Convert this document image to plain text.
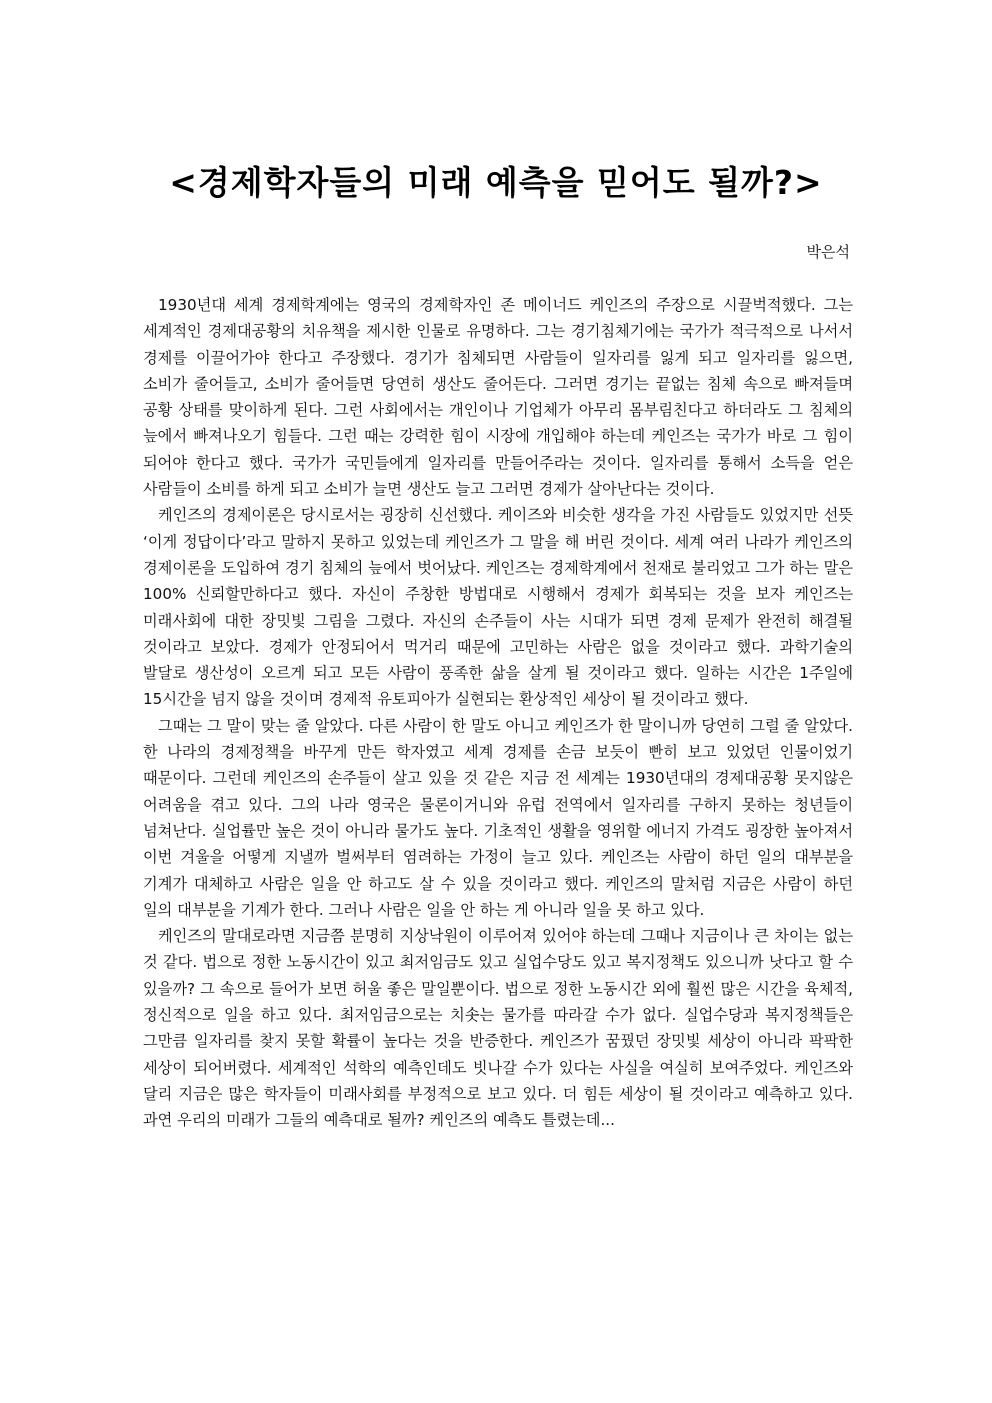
<경제학자들의 미래 예측을 믿어도 될까?>
박은석

1930년대 세계 경제학계에는 영국의 경제학자인 존 메이너드 케인즈의 주장으로 시끌벅적했다. 그는 세계적인 경제대공황의 치유책을 제시한 인물로 유명하다. 그는 경기침체기에는 국가가 적극적으로 나서서 경제를 이끌어가야 한다고 주장했다. 경기가 침체되면 사람들이 일자리를 잃게 되고 일자리를 잃으면, 소비가 줄어들고, 소비가 줄어들면 당연히 생산도 줄어든다. 그러면 경기는 끝없는 침체 속으로 빠져들며 공황 상태를 맞이하게 된다. 그런 사회에서는 개인이나 기업체가 아무리 몸부림친다고 하더라도 그 침체의 늪에서 빠져나오기 힘들다. 그런 때는 강력한 힘이 시장에 개입해야 하는데 케인즈는 국가가 바로 그 힘이 되어야 한다고 했다. 국가가 국민들에게 일자리를 만들어주라는 것이다. 일자리를 통해서 소득을 얻은 사람들이 소비를 하게 되고 소비가 늘면 생산도 늘고 그러면 경제가 살아난다는 것이다.

케인즈의 경제이론은 당시로서는 굉장히 신선했다. 케이즈와 비슷한 생각을 가진 사람들도 있었지만 선뜻 ‘이게 정답이다’라고 말하지 못하고 있었는데 케인즈가 그 말을 해 버린 것이다. 세계 여러 나라가 케인즈의 경제이론을 도입하여 경기 침체의 늪에서 벗어났다. 케인즈는 경제학계에서 천재로 불리었고 그가 하는 말은 100% 신뢰할만하다고 했다. 자신이 주창한 방법대로 시행해서 경제가 회복되는 것을 보자 케인즈는 미래사회에 대한 장밋빛 그림을 그렸다. 자신의 손주들이 사는 시대가 되면 경제 문제가 완전히 해결될 것이라고 보았다. 경제가 안정되어서 먹거리 때문에 고민하는 사람은 없을 것이라고 했다. 과학기술의 발달로 생산성이 오르게 되고 모든 사람이 풍족한 삶을 살게 될 것이라고 했다. 일하는 시간은 1주일에 15시간을 넘지 않을 것이며 경제적 유토피아가 실현되는 환상적인 세상이 될 것이라고 했다.

그때는 그 말이 맞는 줄 알았다. 다른 사람이 한 말도 아니고 케인즈가 한 말이니까 당연히 그럴 줄 알았다. 한 나라의 경제정책을 바꾸게 만든 학자였고 세계 경제를 손금 보듯이 빤히 보고 있었던 인물이었기 때문이다. 그런데 케인즈의 손주들이 살고 있을 것 같은 지금 전 세계는 1930년대의 경제대공황 못지않은 어려움을 겪고 있다. 그의 나라 영국은 물론이거니와 유럽 전역에서 일자리를 구하지 못하는 청년들이 넘쳐난다. 실업률만 높은 것이 아니라 물가도 높다. 기초적인 생활을 영위할 에너지 가격도 굉장한 높아져서 이번 겨울을 어떻게 지낼까 벌써부터 염려하는 가정이 늘고 있다. 케인즈는 사람이 하던 일의 대부분을 기계가 대체하고 사람은 일을 안 하고도 살 수 있을 것이라고 했다. 케인즈의 말처럼 지금은 사람이 하던 일의 대부분을 기계가 한다. 그러나 사람은 일을 안 하는 게 아니라 일을 못 하고 있다.

케인즈의 말대로라면 지금쯤 분명히 지상낙원이 이루어져 있어야 하는데 그때나 지금이나 큰 차이는 없는 것 같다. 법으로 정한 노동시간이 있고 최저임금도 있고 실업수당도 있고 복지정책도 있으니까 낫다고 할 수 있을까? 그 속으로 들어가 보면 허울 좋은 말일뿐이다. 법으로 정한 노동시간 외에 훨씬 많은 시간을 육체적, 정신적으로 일을 하고 있다. 최저임금으로는 치솟는 물가를 따라갈 수가 없다. 실업수당과 복지정책들은 그만큼 일자리를 찾지 못할 확률이 높다는 것을 반증한다. 케인즈가 꿈꿨던 장밋빛 세상이 아니라 팍팍한 세상이 되어버렸다. 세계적인 석학의 예측인데도 빗나갈 수가 있다는 사실을 여실히 보여주었다. 케인즈와 달리 지금은 많은 학자들이 미래사회를 부정적으로 보고 있다. 더 힘든 세상이 될 것이라고 예측하고 있다. 과연 우리의 미래가 그들의 예측대로 될까? 케인즈의 예측도 틀렸는데...
